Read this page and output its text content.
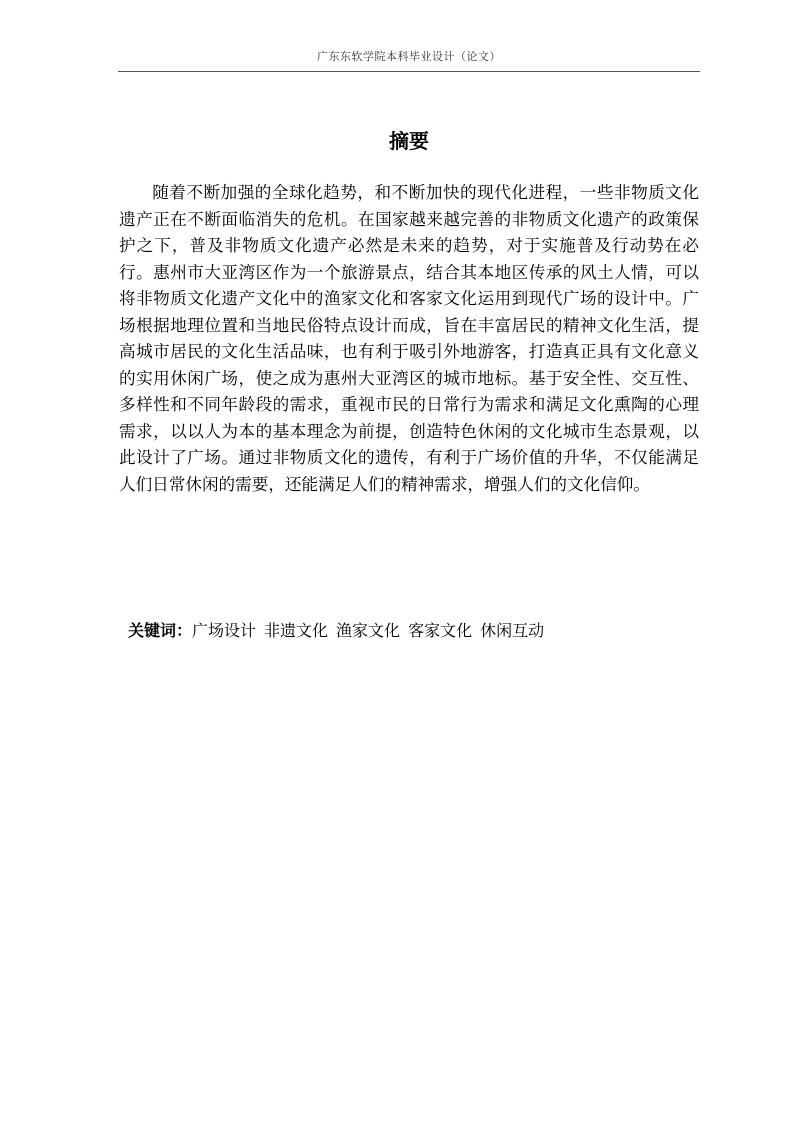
广东东软学院本科毕业设计（论文）
摘要

随着不断加强的全球化趋势，和不断加快的现代化进程，一些非物质文化遗产正在不断面临消失的危机。在国家越来越完善的非物质文化遗产的政策保护之下，普及非物质文化遗产必然是未来的趋势，对于实施普及行动势在必行。惠州市大亚湾区作为一个旅游景点，结合其本地区传承的风土人情，可以将非物质文化遗产文化中的渔家文化和客家文化运用到现代广场的设计中。广场根据地理位置和当地民俗特点设计而成，旨在丰富居民的精神文化生活，提高城市居民的文化生活品味，也有利于吸引外地游客，打造真正具有文化意义的实用休闲广场，使之成为惠州大亚湾区的城市地标。基于安全性、交互性、多样性和不同年龄段的需求，重视市民的日常行为需求和满足文化熏陶的心理需求，以以人为本的基本理念为前提，创造特色休闲的文化城市生态景观，以此设计了广场。通过非物质文化的遗传，有利于广场价值的升华，不仅能满足人们日常休闲的需要，还能满足人们的精神需求，增强人们的文化信仰。

关键词：广场设计 非遗文化 渔家文化 客家文化 休闲互动
